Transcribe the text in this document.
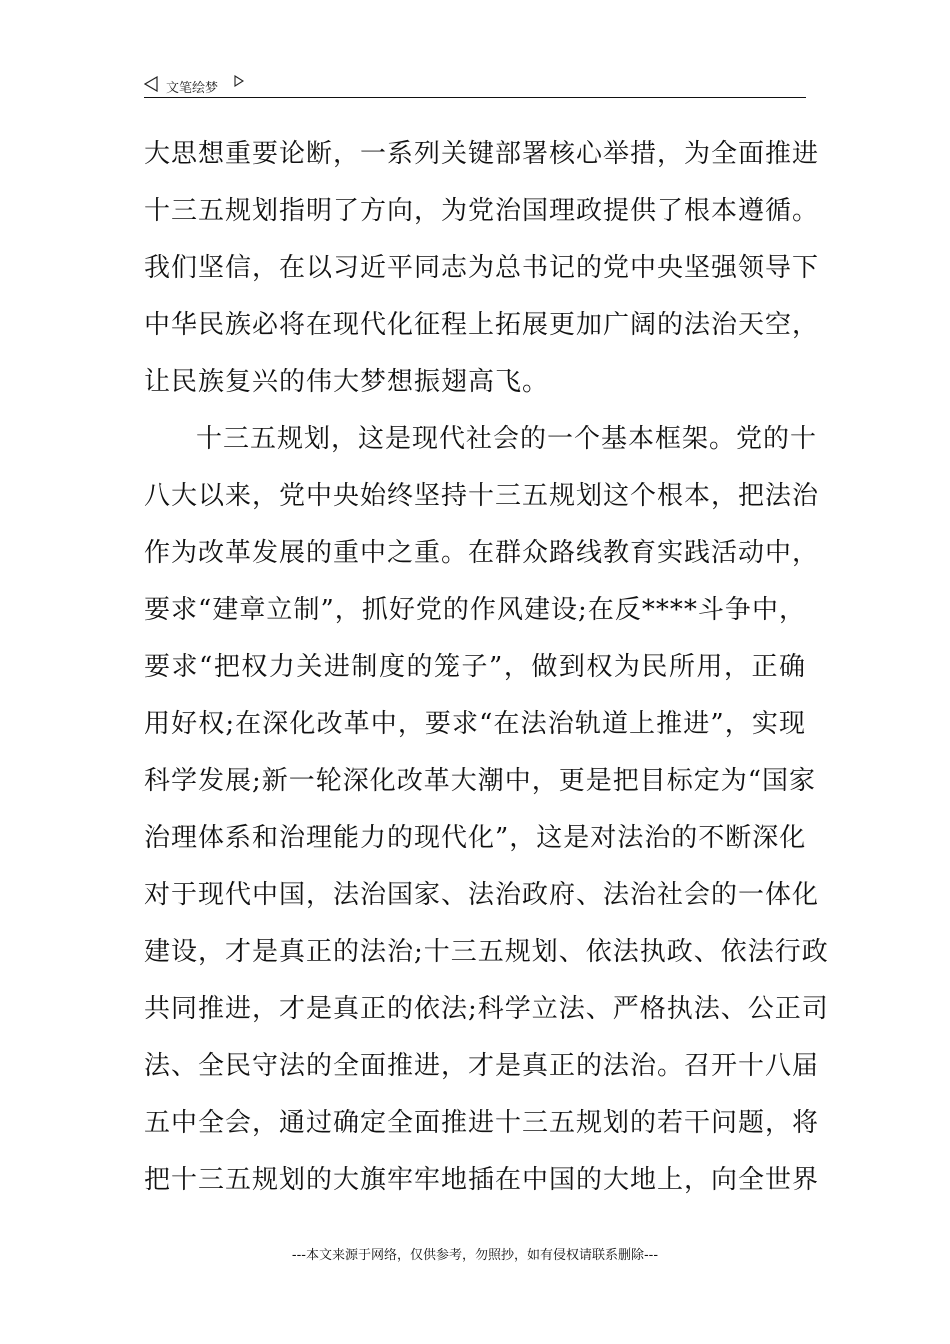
文笔绘梦
大思想重要论断，一系列关键部署核心举措，为全面推进
十三五规划指明了方向，为党治国理政提供了根本遵循。
我们坚信，在以习近平同志为总书记的党中央坚强领导下
中华民族必将在现代化征程上拓展更加广阔的法治天空，
让民族复兴的伟大梦想振翅高飞。
十三五规划，这是现代社会的一个基本框架。党的十
八大以来，党中央始终坚持十三五规划这个根本，把法治
作为改革发展的重中之重。在群众路线教育实践活动中，
要求“建章立制”，抓好党的作风建设;在反****斗争中，
要求“把权力关进制度的笼子”，做到权为民所用，正确
用好权;在深化改革中，要求“在法治轨道上推进”，实现
科学发展;新一轮深化改革大潮中，更是把目标定为“国家
治理体系和治理能力的现代化”，这是对法治的不断深化
对于现代中国，法治国家、法治政府、法治社会的一体化
建设，才是真正的法治;十三五规划、依法执政、依法行政
共同推进，才是真正的依法;科学立法、严格执法、公正司
法、全民守法的全面推进，才是真正的法治。召开十八届
五中全会，通过确定全面推进十三五规划的若干问题，将
把十三五规划的大旗牢牢地插在中国的大地上，向全世界
---本文来源于网络，仅供参考，勿照抄，如有侵权请联系删除---
